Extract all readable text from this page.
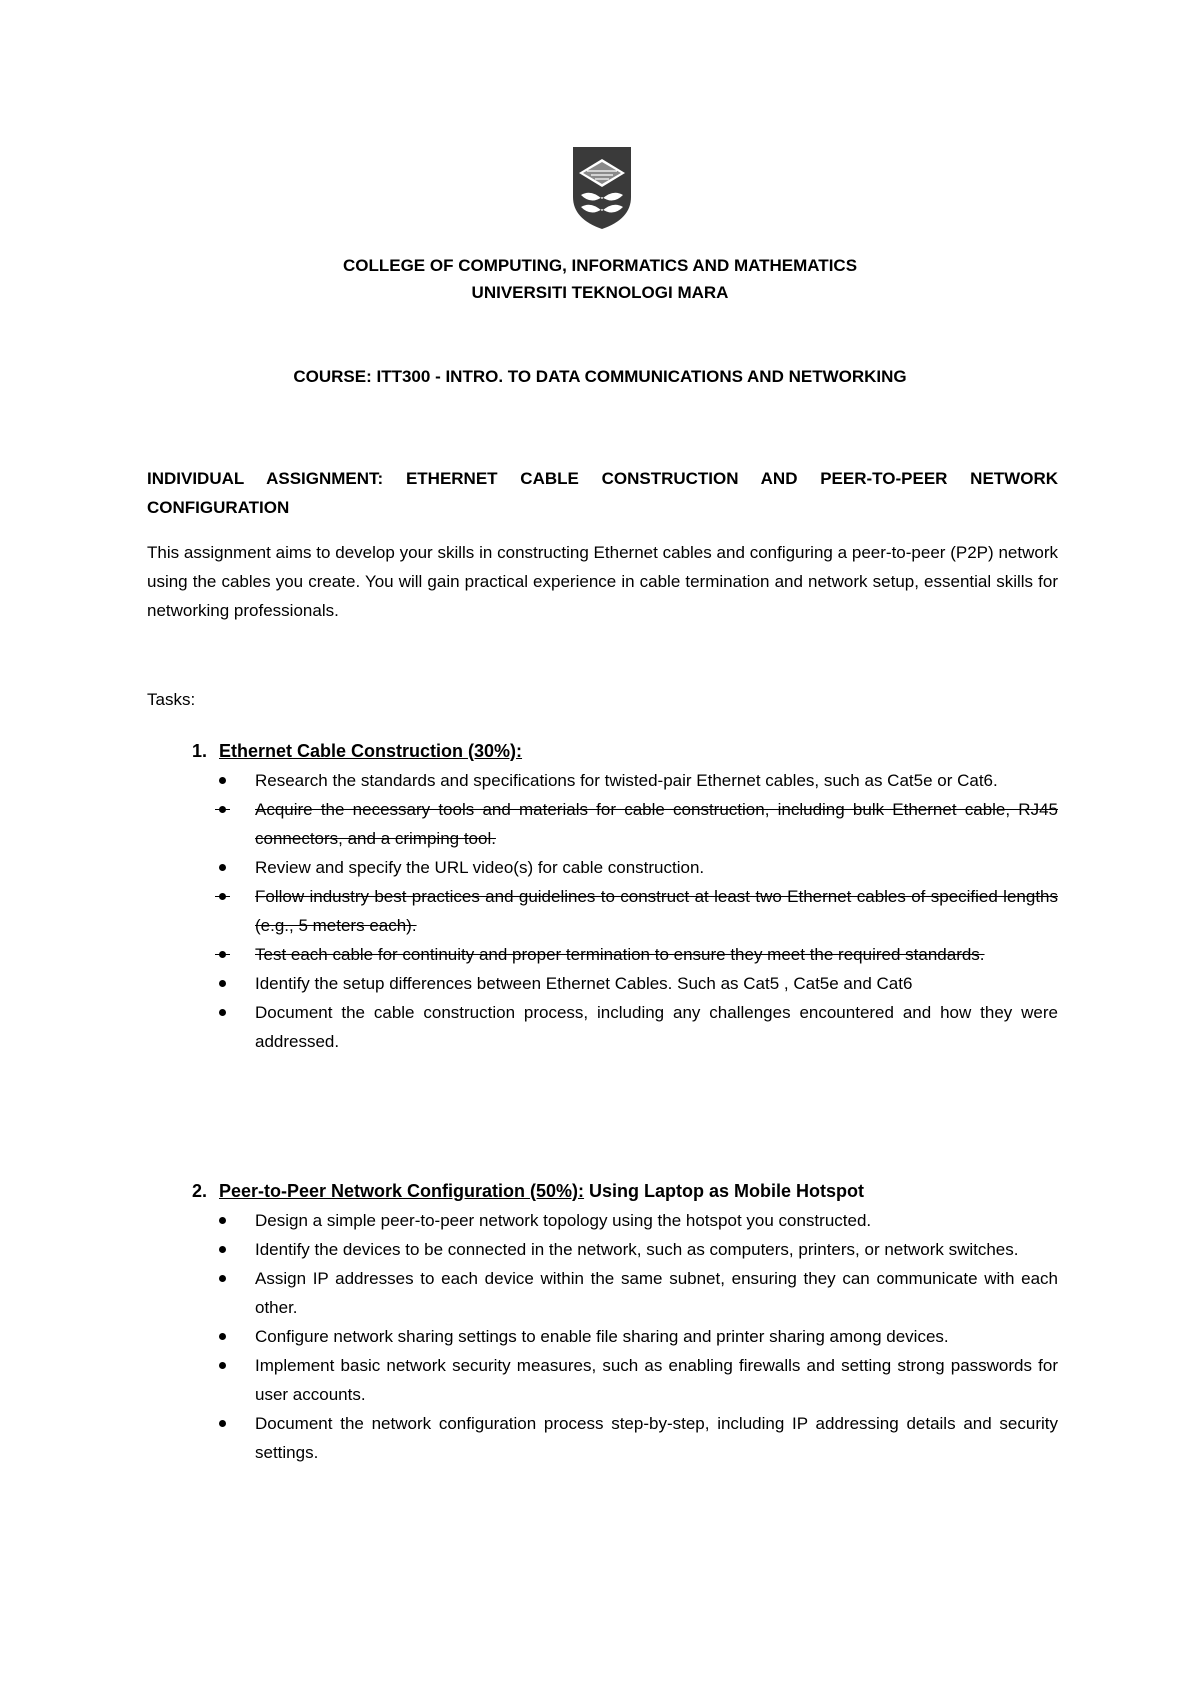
COLLEGE OF COMPUTING, INFORMATICS AND MATHEMATICS
UNIVERSITI TEKNOLOGI MARA
COURSE: ITT300 - INTRO. TO DATA COMMUNICATIONS AND NETWORKING
INDIVIDUAL ASSIGNMENT: ETHERNET CABLE CONSTRUCTION AND PEER-TO-PEER NETWORK CONFIGURATION

This assignment aims to develop your skills in constructing Ethernet cables and configuring a peer-to-peer (P2P) network using the cables you create. You will gain practical experience in cable termination and network setup, essential skills for networking professionals.

Tasks:
1. Ethernet Cable Construction (30%):
Research the standards and specifications for twisted-pair Ethernet cables, such as Cat5e or Cat6.
Acquire the necessary tools and materials for cable construction, including bulk Ethernet cable, RJ45 connectors, and a crimping tool.
Review and specify the URL video(s) for cable construction.
Follow industry best practices and guidelines to construct at least two Ethernet cables of specified lengths (e.g., 5 meters each).
Test each cable for continuity and proper termination to ensure they meet the required standards.
Identify the setup differences between Ethernet Cables. Such as Cat5 , Cat5e and Cat6
Document the cable construction process, including any challenges encountered and how they were addressed.
2. Peer-to-Peer Network Configuration (50%): Using Laptop as Mobile Hotspot
Design a simple peer-to-peer network topology using the hotspot you constructed.
Identify the devices to be connected in the network, such as computers, printers, or network switches.
Assign IP addresses to each device within the same subnet, ensuring they can communicate with each other.
Configure network sharing settings to enable file sharing and printer sharing among devices.
Implement basic network security measures, such as enabling firewalls and setting strong passwords for user accounts.
Document the network configuration process step-by-step, including IP addressing details and security settings.
